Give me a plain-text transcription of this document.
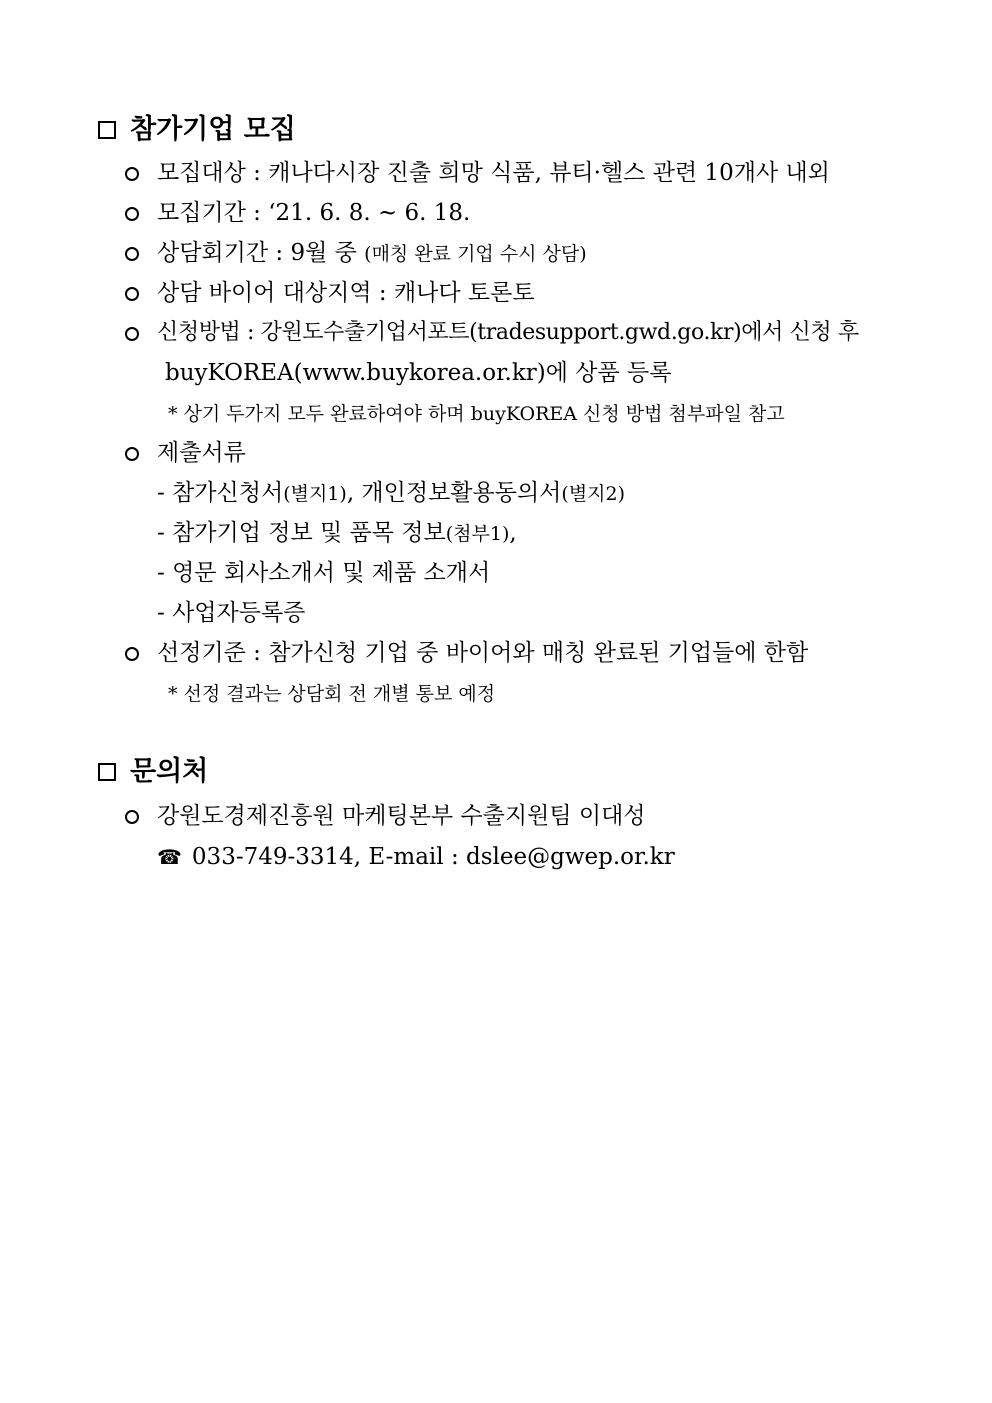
참가기업 모집
모집대상 : 캐나다시장 진출 희망 식품, 뷰티·헬스 관련 10개사 내외
모집기간 : ‘21. 6. 8. ~ 6. 18.
상담회기간 : 9월 중 (매칭 완료 기업 수시 상담)
상담 바이어 대상지역 : 캐나다 토론토
신청방법 : 강원도수출기업서포트(tradesupport.gwd.go.kr)에서 신청 후
buyKOREA(www.buykorea.or.kr)에 상품 등록
* 상기 두가지 모두 완료하여야 하며 buyKOREA 신청 방법 첨부파일 참고
제출서류
- 참가신청서(별지1), 개인정보활용동의서(별지2)
- 참가기업 정보 및 품목 정보(첨부1),
- 영문 회사소개서 및 제품 소개서
- 사업자등록증
선정기준 : 참가신청 기업 중 바이어와 매칭 완료된 기업들에 한함
* 선정 결과는 상담회 전 개별 통보 예정
문의처
강원도경제진흥원 마케팅본부 수출지원팀 이대성
☎ 033-749-3314, E-mail : dslee@gwep.or.kr
